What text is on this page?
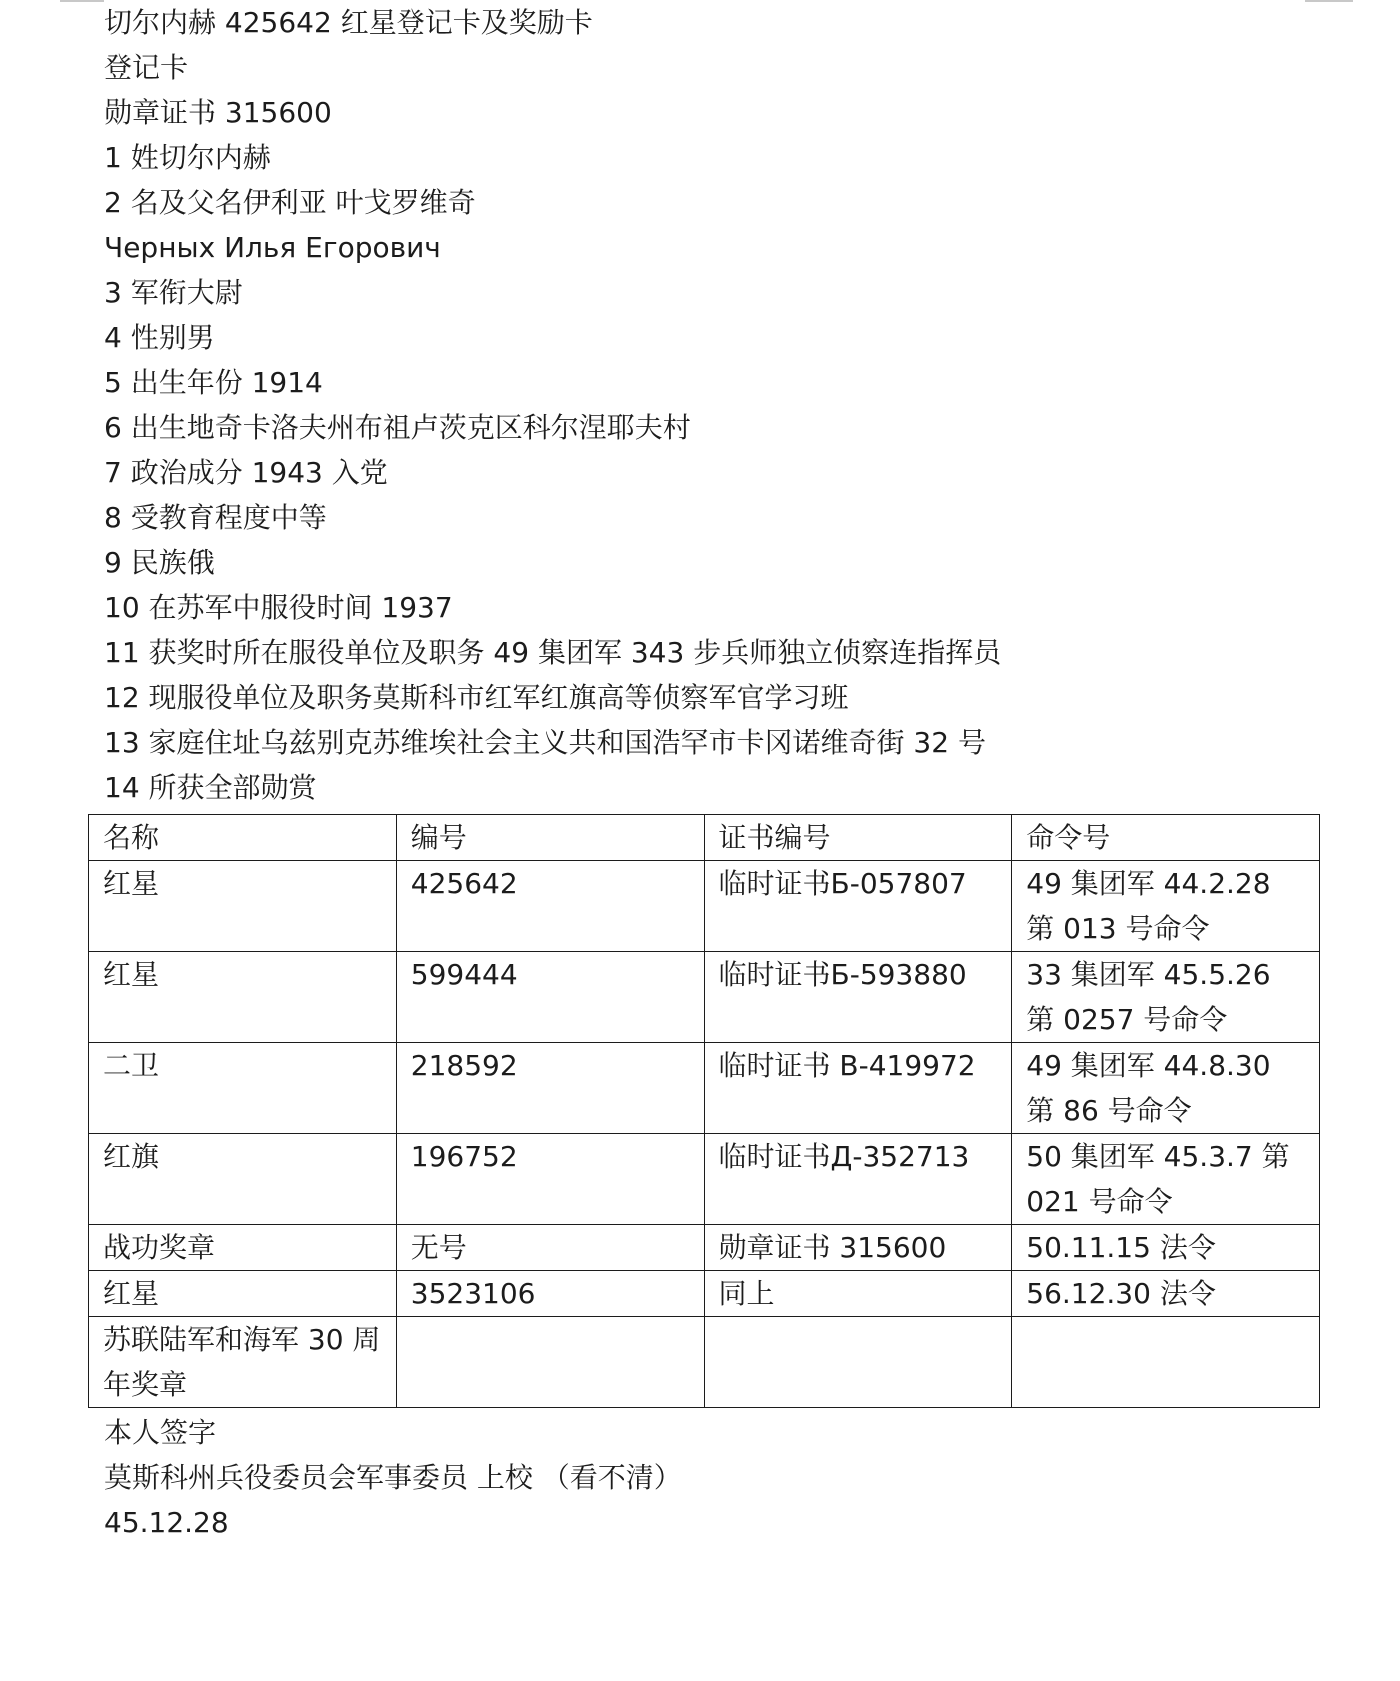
切尔内赫 425642 红星登记卡及奖励卡
登记卡
勋章证书 315600
1 姓切尔内赫
2 名及父名伊利亚 叶戈罗维奇
Черных Илья Егорович
3 军衔大尉
4 性别男
5 出生年份 1914
6 出生地奇卡洛夫州布祖卢茨克区科尔涅耶夫村
7 政治成分 1943 入党
8 受教育程度中等
9 民族俄
10 在苏军中服役时间 1937
11 获奖时所在服役单位及职务 49 集团军 343 步兵师独立侦察连指挥员
12 现服役单位及职务莫斯科市红军红旗高等侦察军官学习班
13 家庭住址乌兹别克苏维埃社会主义共和国浩罕市卡冈诺维奇街 32 号
14 所获全部勋赏
名称	编号	证书编号	命令号
红星	425642	临时证书Б-057807	49 集团军 44.2.28 第 013 号命令
红星	599444	临时证书Б-593880	33 集团军 45.5.26 第 0257 号命令
二卫	218592	临时证书 В-419972	49 集团军 44.8.30 第 86 号命令
红旗	196752	临时证书Д-352713	50 集团军 45.3.7 第 021 号命令
战功奖章	无号	勋章证书 315600	50.11.15 法令
红星	3523106	同上	56.12.30 法令
苏联陆军和海军 30 周年奖章			
本人签字
莫斯科州兵役委员会军事委员 上校 （看不清）
45.12.28
